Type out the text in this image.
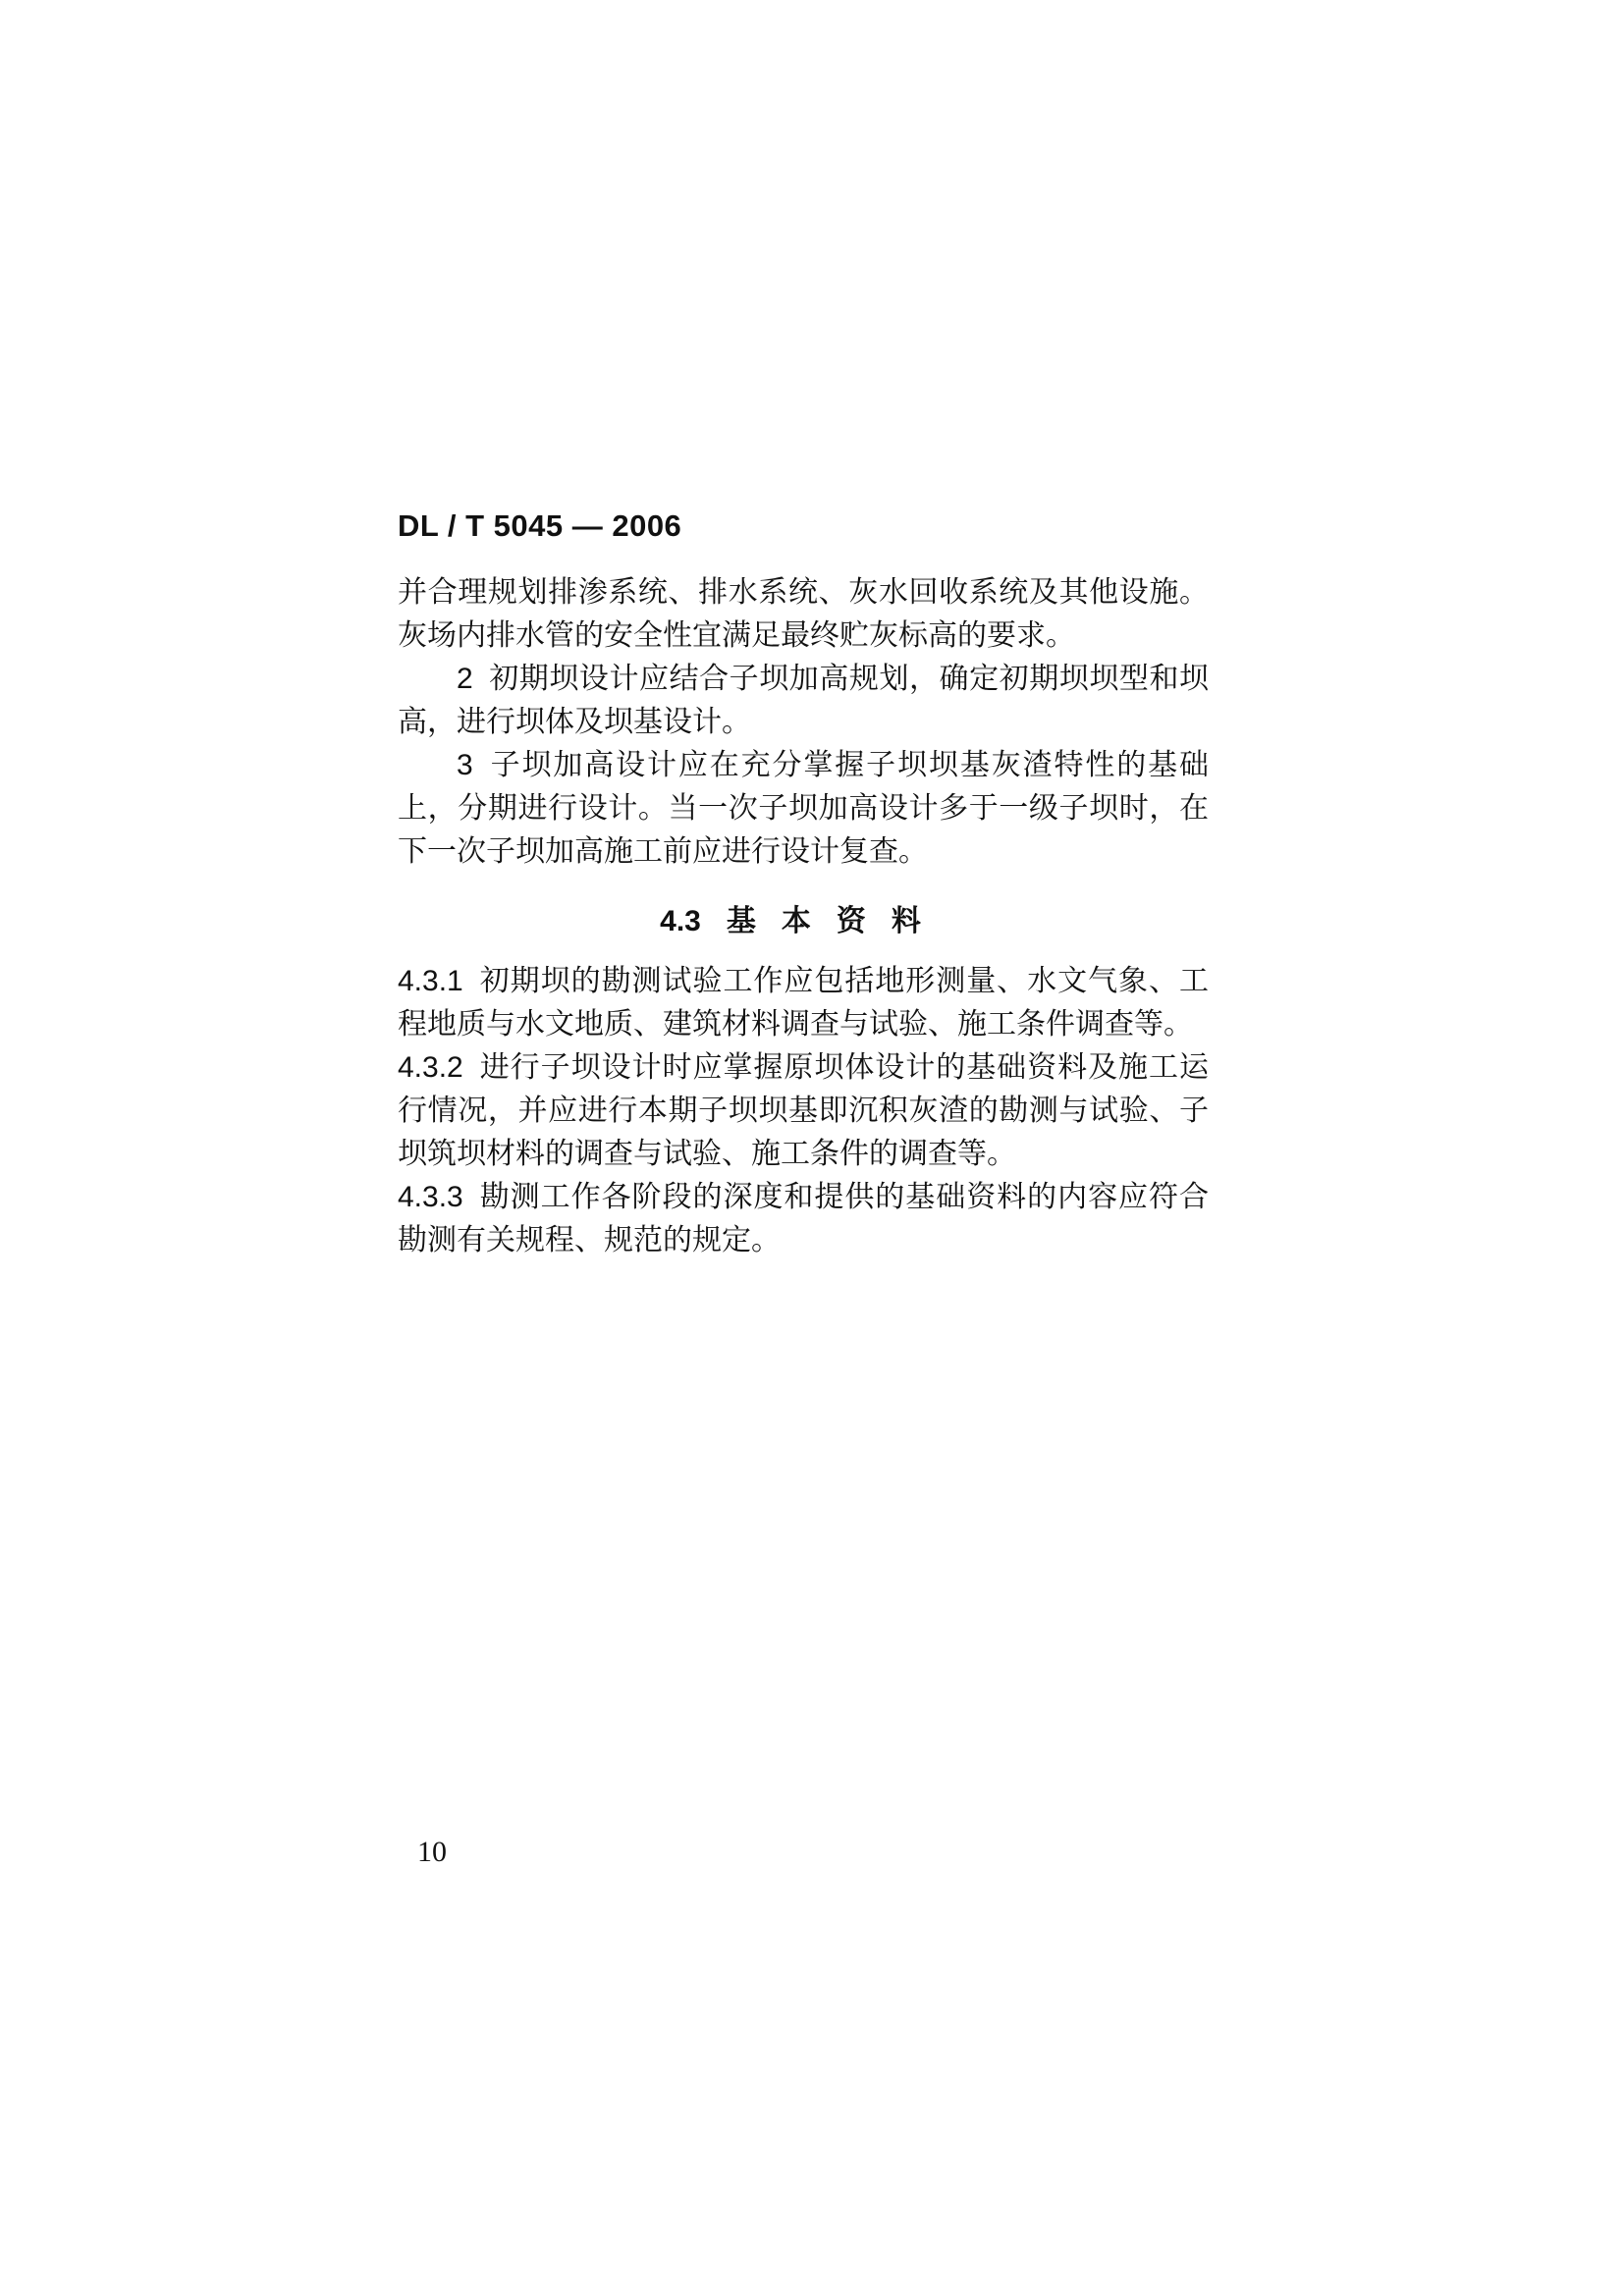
DL / T 5045 — 2006

并合理规划排渗系统、排水系统、灰水回收系统及其他设施。灰场内排水管的安全性宜满足最终贮灰标高的要求。

2 初期坝设计应结合子坝加高规划，确定初期坝坝型和坝高，进行坝体及坝基设计。

3 子坝加高设计应在充分掌握子坝坝基灰渣特性的基础上，分期进行设计。当一次子坝加高设计多于一级子坝时，在下一次子坝加高施工前应进行设计复查。

4.3 基本资料

4.3.1 初期坝的勘测试验工作应包括地形测量、水文气象、工程地质与水文地质、建筑材料调查与试验、施工条件调查等。

4.3.2 进行子坝设计时应掌握原坝体设计的基础资料及施工运行情况，并应进行本期子坝坝基即沉积灰渣的勘测与试验、子坝筑坝材料的调查与试验、施工条件的调查等。

4.3.3 勘测工作各阶段的深度和提供的基础资料的内容应符合勘测有关规程、规范的规定。

10
